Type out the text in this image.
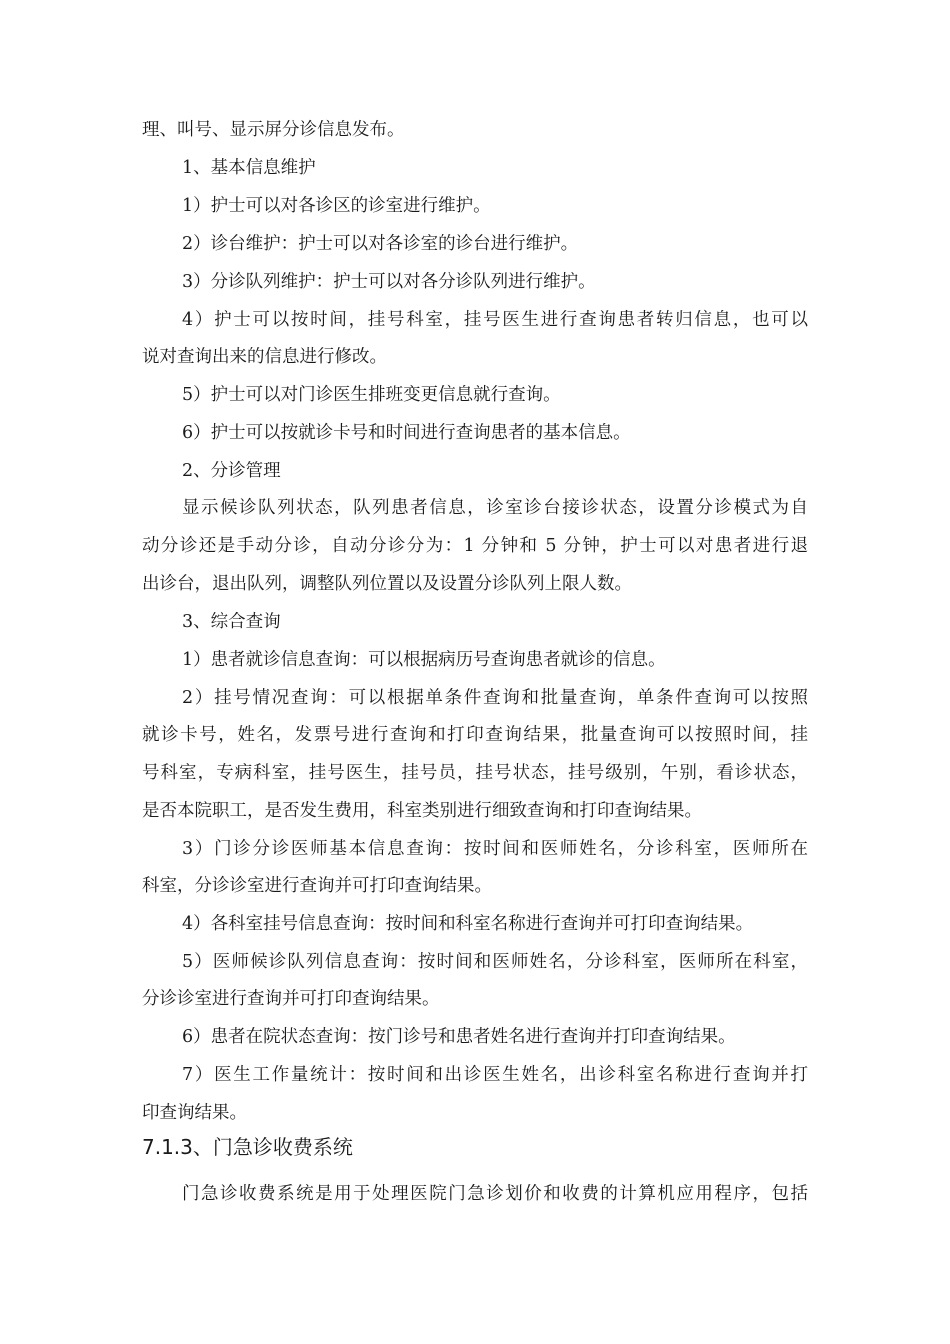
理、叫号、显示屏分诊信息发布。
1、基本信息维护
1）护士可以对各诊区的诊室进行维护。
2）诊台维护：护士可以对各诊室的诊台进行维护。
3）分诊队列维护：护士可以对各分诊队列进行维护。
4）护士可以按时间，挂号科室，挂号医生进行查询患者转归信息，也可以
说对查询出来的信息进行修改。
5）护士可以对门诊医生排班变更信息就行查询。
6）护士可以按就诊卡号和时间进行查询患者的基本信息。
2、分诊管理
显示候诊队列状态，队列患者信息，诊室诊台接诊状态，设置分诊模式为自
动分诊还是手动分诊，自动分诊分为：1 分钟和 5 分钟，护士可以对患者进行退
出诊台，退出队列，调整队列位置以及设置分诊队列上限人数。
3、综合查询
1）患者就诊信息查询：可以根据病历号查询患者就诊的信息。
2）挂号情况查询：可以根据单条件查询和批量查询，单条件查询可以按照
就诊卡号，姓名，发票号进行查询和打印查询结果，批量查询可以按照时间，挂
号科室，专病科室，挂号医生，挂号员，挂号状态，挂号级别，午别，看诊状态，
是否本院职工，是否发生费用，科室类别进行细致查询和打印查询结果。
3）门诊分诊医师基本信息查询：按时间和医师姓名，分诊科室，医师所在
科室，分诊诊室进行查询并可打印查询结果。
4）各科室挂号信息查询：按时间和科室名称进行查询并可打印查询结果。
5）医师候诊队列信息查询：按时间和医师姓名，分诊科室，医师所在科室，
分诊诊室进行查询并可打印查询结果。
6）患者在院状态查询：按门诊号和患者姓名进行查询并打印查询结果。
7）医生工作量统计：按时间和出诊医生姓名，出诊科室名称进行查询并打
印查询结果。
7.1.3、门急诊收费系统
门急诊收费系统是用于处理医院门急诊划价和收费的计算机应用程序，包括
